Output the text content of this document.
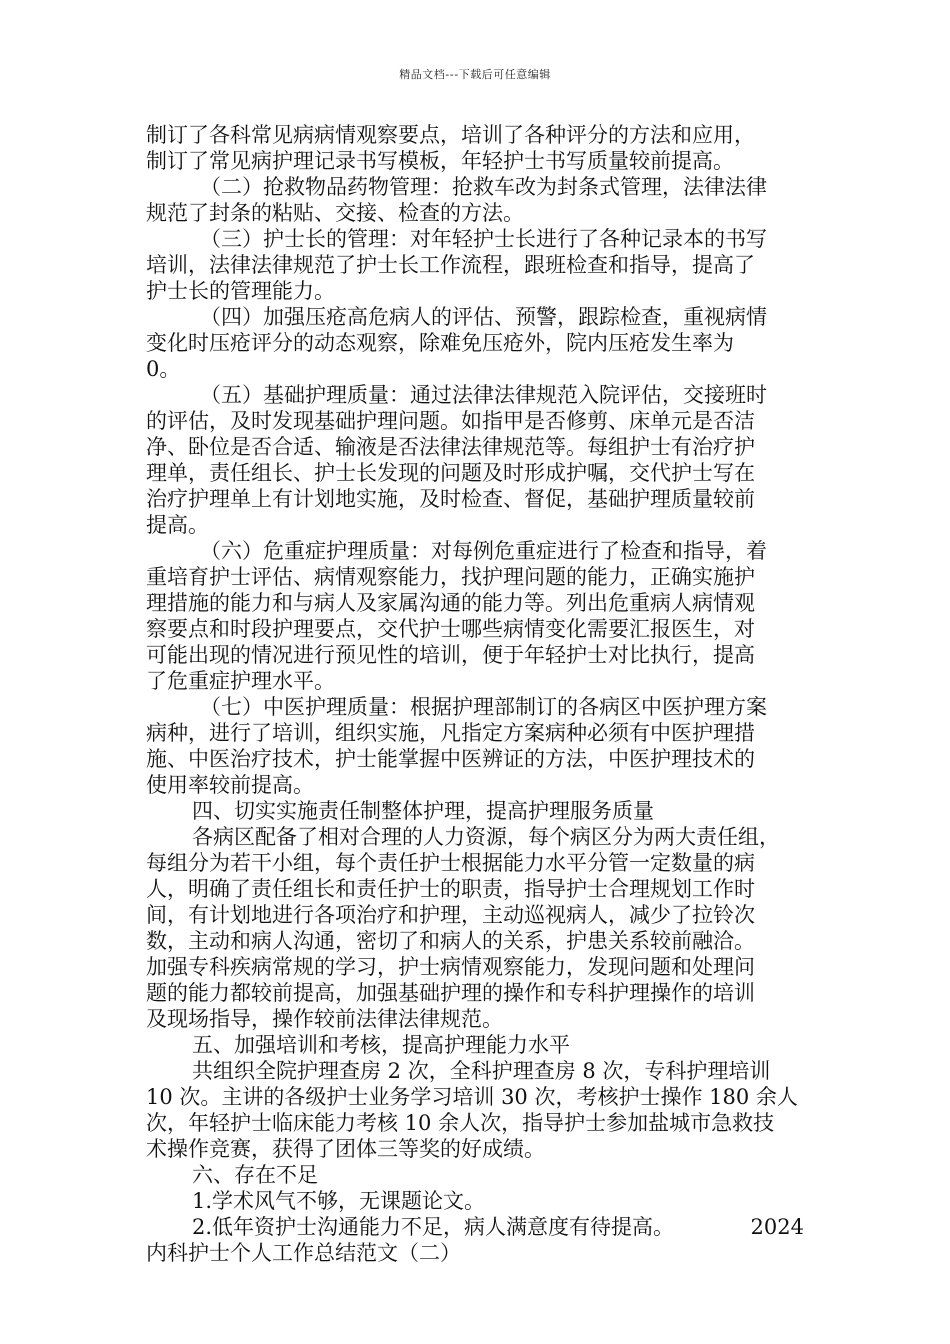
精品文档---下载后可任意编辑
制订了各科常见病病情观察要点，培训了各种评分的方法和应用，
制订了常见病护理记录书写模板，年轻护士书写质量较前提高。
（二）抢救物品药物管理：抢救车改为封条式管理，法律法律
规范了封条的粘贴、交接、检查的方法。
（三）护士长的管理：对年轻护士长进行了各种记录本的书写
培训，法律法律规范了护士长工作流程，跟班检查和指导，提高了
护士长的管理能力。
（四）加强压疮高危病人的评估、预警，跟踪检查，重视病情
变化时压疮评分的动态观察，除难免压疮外，院内压疮发生率为
0。
（五）基础护理质量：通过法律法律规范入院评估，交接班时
的评估，及时发现基础护理问题。如指甲是否修剪、床单元是否洁
净、卧位是否合适、输液是否法律法律规范等。每组护士有治疗护
理单，责任组长、护士长发现的问题及时形成护嘱，交代护士写在
治疗护理单上有计划地实施，及时检查、督促，基础护理质量较前
提高。
（六）危重症护理质量：对每例危重症进行了检查和指导，着
重培育护士评估、病情观察能力，找护理问题的能力，正确实施护
理措施的能力和与病人及家属沟通的能力等。列出危重病人病情观
察要点和时段护理要点，交代护士哪些病情变化需要汇报医生，对
可能出现的情况进行预见性的培训，便于年轻护士对比执行，提高
了危重症护理水平。
（七）中医护理质量：根据护理部制订的各病区中医护理方案
病种，进行了培训，组织实施，凡指定方案病种必须有中医护理措
施、中医治疗技术，护士能掌握中医辨证的方法，中医护理技术的
使用率较前提高。
四、切实实施责任制整体护理，提高护理服务质量
各病区配备了相对合理的人力资源，每个病区分为两大责任组，
每组分为若干小组，每个责任护士根据能力水平分管一定数量的病
人，明确了责任组长和责任护士的职责，指导护士合理规划工作时
间，有计划地进行各项治疗和护理，主动巡视病人，减少了拉铃次
数，主动和病人沟通，密切了和病人的关系，护患关系较前融洽。
加强专科疾病常规的学习，护士病情观察能力，发现问题和处理问
题的能力都较前提高，加强基础护理的操作和专科护理操作的培训
及现场指导，操作较前法律法律规范。
五、加强培训和考核，提高护理能力水平
共组织全院护理查房 2 次，全科护理查房 8 次，专科护理培训
10 次。主讲的各级护士业务学习培训 30 次，考核护士操作 180 余人
次，年轻护士临床能力考核 10 余人次，指导护士参加盐城市急救技
术操作竞赛，获得了团体三等奖的好成绩。
六、存在不足
1.学术风气不够，无课题论文。
2.低年资护士沟通能力不足，病人满意度有待提高。	2024
内科护士个人工作总结范文（二）
